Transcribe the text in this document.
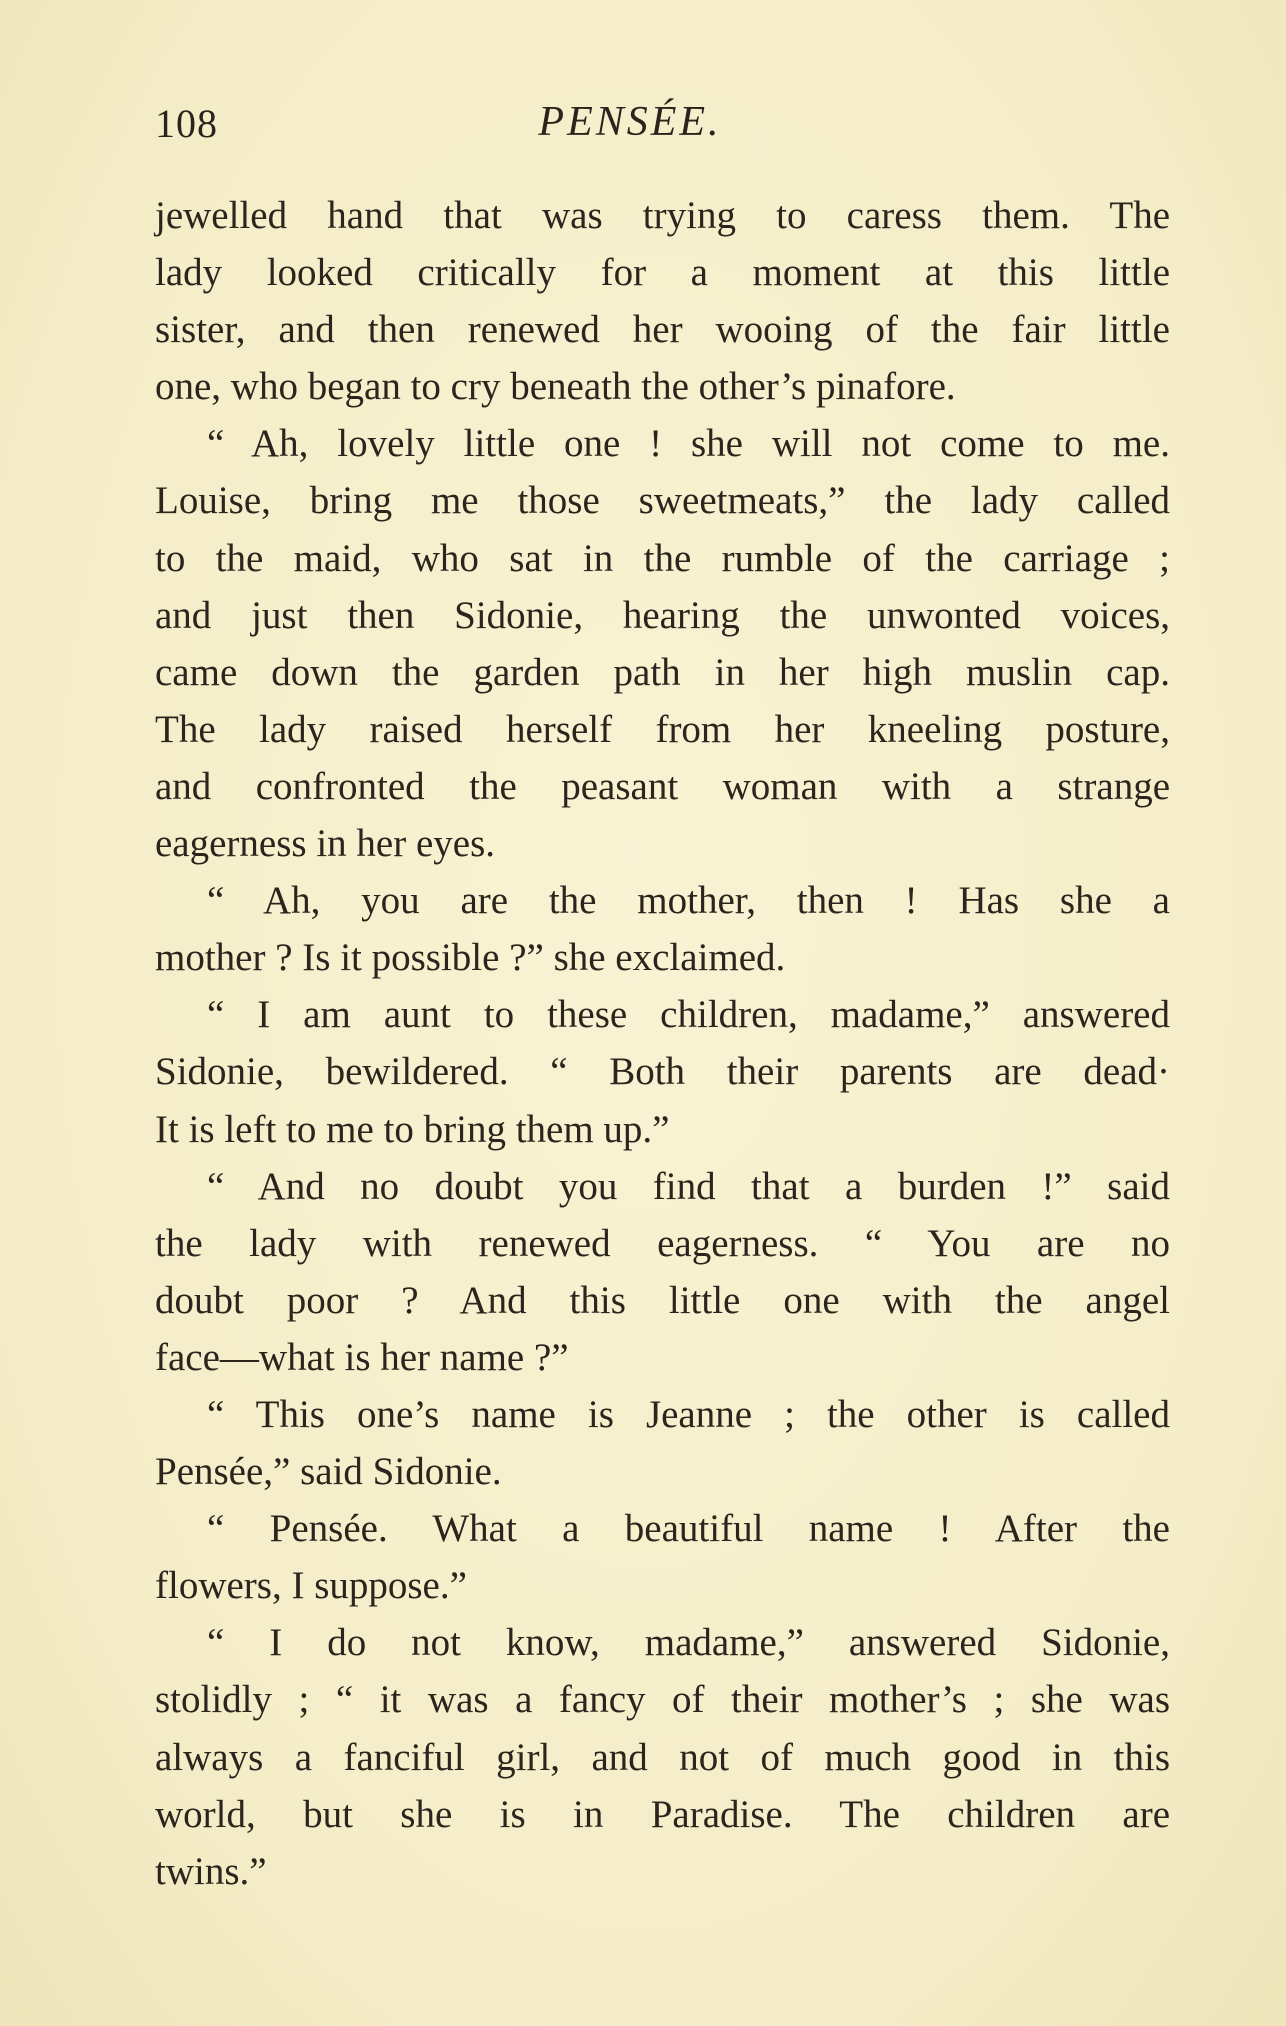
108	PENSÉE.
jewelled hand that was trying to caress them. The
lady looked critically for a moment at this little
sister, and then renewed her wooing of the fair little
one, who began to cry beneath the other’s pinafore.
“ Ah, lovely little one ! she will not come to me.
Louise, bring me those sweetmeats,” the lady called
to the maid, who sat in the rumble of the carriage ;
and just then Sidonie, hearing the unwonted voices,
came down the garden path in her high muslin cap.
The lady raised herself from her kneeling posture,
and confronted the peasant woman with a strange
eagerness in her eyes.
“ Ah, you are the mother, then ! Has she a
mother ? Is it possible ?” she exclaimed.
“ I am aunt to these children, madame,” answered
Sidonie, bewildered. “ Both their parents are dead·
It is left to me to bring them up.”
“ And no doubt you find that a burden !” said
the lady with renewed eagerness. “ You are no
doubt poor ? And this little one with the angel
face—what is her name ?”
“ This one’s name is Jeanne ; the other is called
Pensée,” said Sidonie.
“ Pensée. What a beautiful name ! After the
flowers, I suppose.”
“ I do not know, madame,” answered Sidonie,
stolidly ; “ it was a fancy of their mother’s ; she was
always a fanciful girl, and not of much good in this
world, but she is in Paradise. The children are
twins.”
